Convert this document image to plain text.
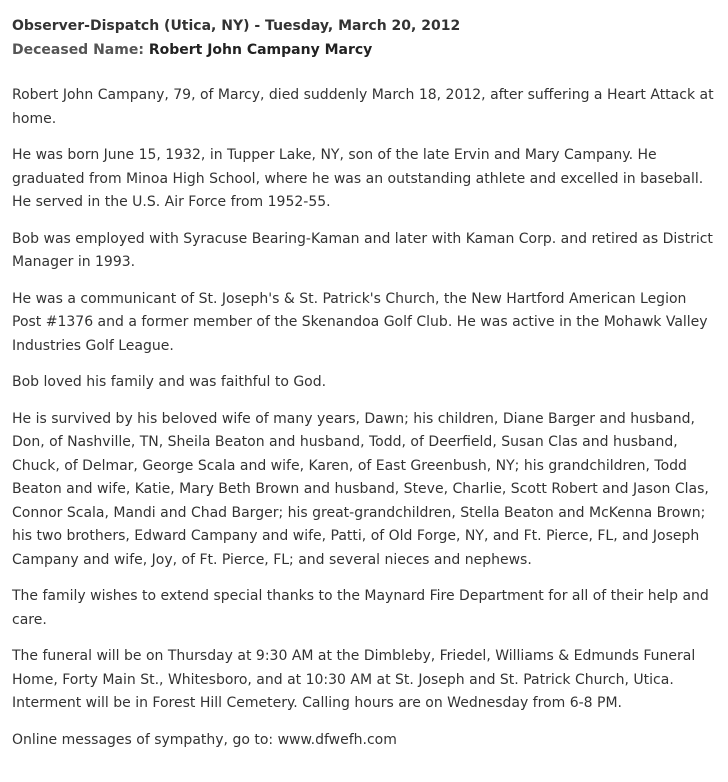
Observer-Dispatch (Utica, NY) - Tuesday, March 20, 2012

Deceased Name: Robert John Campany Marcy

Robert John Campany, 79, of Marcy, died suddenly March 18, 2012, after suffering a Heart Attack at home.

He was born June 15, 1932, in Tupper Lake, NY, son of the late Ervin and Mary Campany. He graduated from Minoa High School, where he was an outstanding athlete and excelled in baseball. He served in the U.S. Air Force from 1952-55.

Bob was employed with Syracuse Bearing-Kaman and later with Kaman Corp. and retired as District Manager in 1993.

He was a communicant of St. Joseph's & St. Patrick's Church, the New Hartford American Legion Post #1376 and a former member of the Skenandoa Golf Club. He was active in the Mohawk Valley Industries Golf League.

Bob loved his family and was faithful to God.

He is survived by his beloved wife of many years, Dawn; his children, Diane Barger and husband, Don, of Nashville, TN, Sheila Beaton and husband, Todd, of Deerfield, Susan Clas and husband, Chuck, of Delmar, George Scala and wife, Karen, of East Greenbush, NY; his grandchildren, Todd Beaton and wife, Katie, Mary Beth Brown and husband, Steve, Charlie, Scott Robert and Jason Clas, Connor Scala, Mandi and Chad Barger; his great-grandchildren, Stella Beaton and McKenna Brown; his two brothers, Edward Campany and wife, Patti, of Old Forge, NY, and Ft. Pierce, FL, and Joseph Campany and wife, Joy, of Ft. Pierce, FL; and several nieces and nephews.

The family wishes to extend special thanks to the Maynard Fire Department for all of their help and care.

The funeral will be on Thursday at 9:30 AM at the Dimbleby, Friedel, Williams & Edmunds Funeral Home, Forty Main St., Whitesboro, and at 10:30 AM at St. Joseph and St. Patrick Church, Utica. Interment will be in Forest Hill Cemetery. Calling hours are on Wednesday from 6-8 PM.

Online messages of sympathy, go to: www.dfwefh.com
